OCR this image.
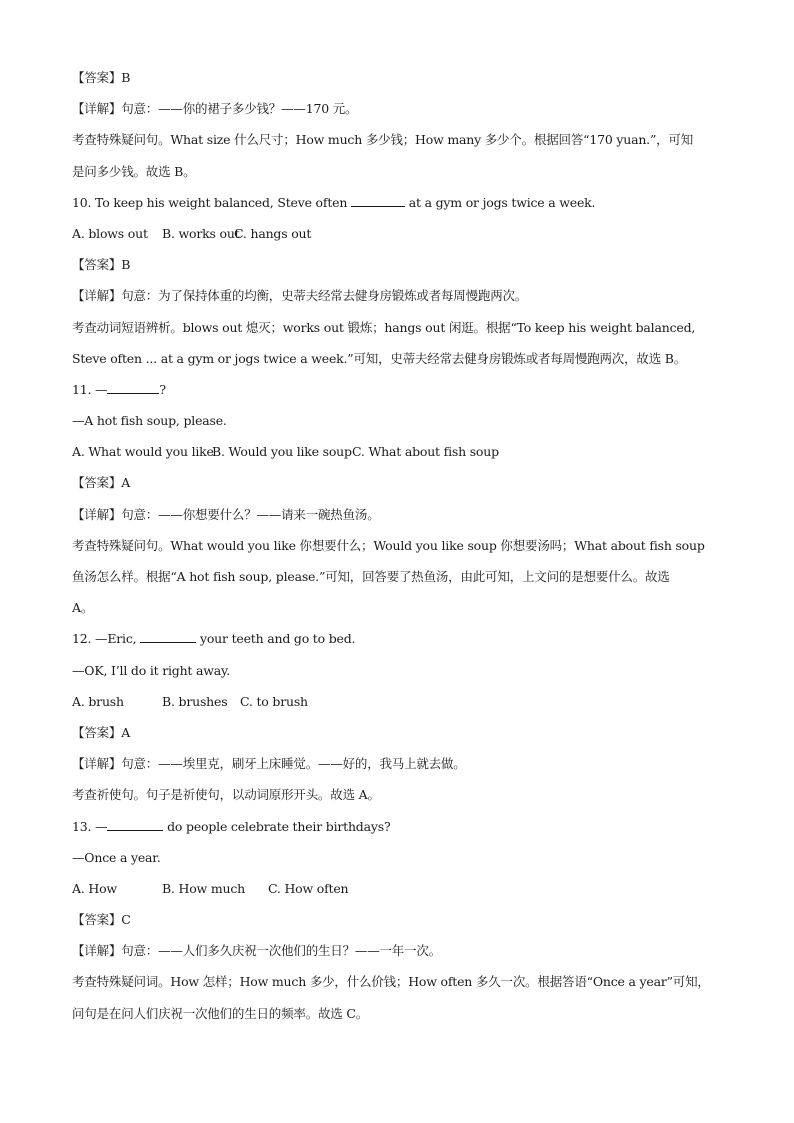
【答案】B
【详解】句意：——你的裙子多少钱？——170 元。
考查特殊疑问句。What size 什么尺寸；How much 多少钱；How many 多少个。根据回答“170 yuan.”，可知
是问多少钱。故选 B。
10. To keep his weight balanced, Steve often	at a gym or jogs twice a week.
A. blows out B. works outC. hangs out
【答案】B
【详解】句意：为了保持体重的均衡，史蒂夫经常去健身房锻炼或者每周慢跑两次。
考查动词短语辨析。blows out 熄灭；works out 锻炼；hangs out 闲逛。根据“To keep his weight balanced,
Steve often ... at a gym or jogs twice a week.”可知，史蒂夫经常去健身房锻炼或者每周慢跑两次，故选 B。
11. —	?
—A hot fish soup, please.
A. What would you likeB. Would you like soupC. What about fish soup
【答案】A
【详解】句意：——你想要什么？——请来一碗热鱼汤。
考查特殊疑问句。What would you like 你想要什么；Would you like soup 你想要汤吗；What about fish soup
鱼汤怎么样。根据“A hot fish soup, please.”可知，回答要了热鱼汤，由此可知，上文问的是想要什么。故选
A。
12. —Eric,	your teeth and go to bed.
—OK, I’ll do it right away.
A. brush	B. brushes C. to brush
【答案】A
【详解】句意：——埃里克，刷牙上床睡觉。——好的，我马上就去做。
考查祈使句。句子是祈使句，以动词原形开头。故选 A。
13. —	do people celebrate their birthdays?
—Once a year.
A. How	B. How much C. How often
【答案】C
【详解】句意：——人们多久庆祝一次他们的生日？——一年一次。
考查特殊疑问词。How 怎样；How much 多少，什么价钱；How often 多久一次。根据答语“Once a year”可知，
问句是在问人们庆祝一次他们的生日的频率。故选 C。
